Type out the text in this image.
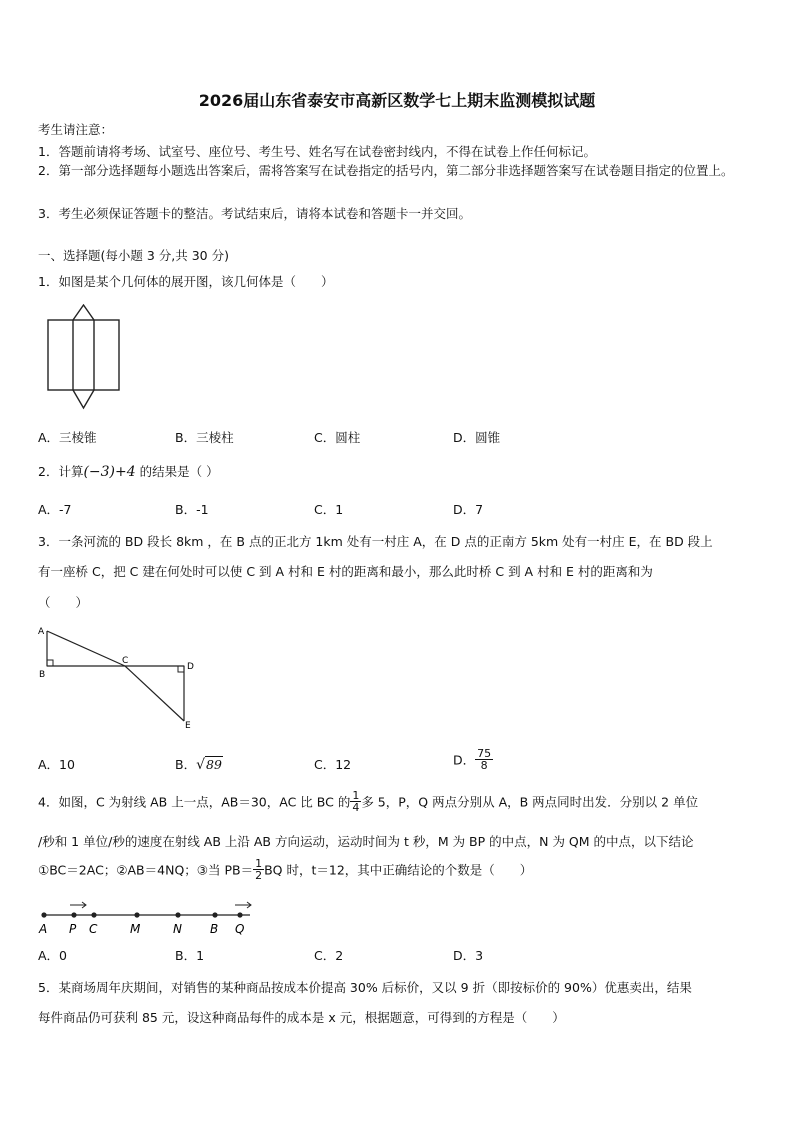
2026届山东省泰安市高新区数学七上期末监测模拟试题
考生请注意：
1．答题前请将考场、试室号、座位号、考生号、姓名写在试卷密封线内，不得在试卷上作任何标记。
2．第一部分选择题每小题选出答案后，需将答案写在试卷指定的括号内，第二部分非选择题答案写在试卷题目指定的位置上。
3．考生必须保证答题卡的整洁。考试结束后，请将本试卷和答题卡一并交回。
一、选择题(每小题 3 分,共 30 分)
1．如图是某个几何体的展开图，该几何体是（　　）
A．三棱锥	B．三棱柱	C．圆柱	D．圆锥
2．计算(−3)+4 的结果是（ ）
A．-7	B．-1	C．1	D．7
3．一条河流的 BD 段长 8km ，在 B 点的正北方 1km 处有一村庄 A，在 D 点的正南方 5km 处有一村庄 E，在 BD 段上
有一座桥 C，把 C 建在何处时可以使 C 到 A 村和 E 村的距离和最小，那么此时桥 C 到 A 村和 E 村的距离和为
（　　）
A
B
C
D
E
A．10	B．√89	C．12	D． $\frac{75}{8}$
4．如图，C 为射线 AB 上一点，AB＝30，AC 比 BC 的 $\frac{1}{4}$ 多 5，P，Q 两点分别从 A，B 两点同时出发．分别以 2 单位
/秒和 1 单位/秒的速度在射线 AB 上沿 AB 方向运动，运动时间为 t 秒，M 为 BP 的中点，N 为 QM 的中点，以下结论
①BC＝2AC；②AB＝4NQ；③当 $PB= \frac{1}{2}$ BQ 时，t＝12，其中正确结论的个数是（　　）
A P C	M	N B Q
A．0	B．1	C．2	D．3
5．某商场周年庆期间，对销售的某种商品按成本价提高 30% 后标价，又以 9 折（即按标价的 90%）优惠卖出，结果
每件商品仍可获利 85 元，设这种商品每件的成本是 x 元，根据题意，可得到的方程是（　　）
